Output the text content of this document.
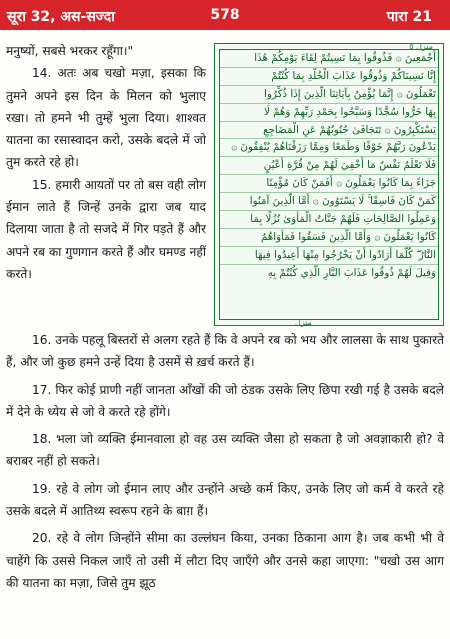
सूरा 32, अस-सज्दा	578	पारा 21

मनुष्यों, सबसे भरकर रहूँगा।"

14. अतः अब चखो मज़ा, इसका कि तुमने अपने इस दिन के मिलन को भुलाए रखा। तो हमने भी तुम्हें भुला दिया। शाश्वत यातना का रसास्वादन करो, उसके बदले में जो तुम करते रहे हो।

15. हमारी आयतों पर तो बस वही लोग ईमान लाते हैं जिन्हें उनके द्वारा जब याद दिलाया जाता है तो सजदे में गिर पड़ते हैं और अपने रब का गुणगान करते हैं और घमण्ड नहीं करते।

منزل ٥
أَجْمَعِينَ ۞ فَذُوقُوا بِمَا نَسِيتُمْ لِقَاءَ يَوْمِكُمْ هَٰذَا
إِنَّا نَسِينَاكُمْ وَذُوقُوا عَذَابَ الْخُلْدِ بِمَا كُنْتُمْ
تَعْمَلُونَ ۞ إِنَّمَا يُؤْمِنُ بِآيَاتِنَا الَّذِينَ إِذَا ذُكِّرُوا
بِهَا خَرُّوا سُجَّدًا وَسَبَّحُوا بِحَمْدِ رَبِّهِمْ وَهُمْ لَا
يَسْتَكْبِرُونَ ۞ تَتَجَافَىٰ جُنُوبُهُمْ عَنِ الْمَضَاجِعِ
يَدْعُونَ رَبَّهُمْ خَوْفًا وَطَمَعًا وَمِمَّا رَزَقْنَاهُمْ يُنْفِقُونَ ۞
فَلَا تَعْلَمُ نَفْسٌ مَا أُخْفِيَ لَهُمْ مِنْ قُرَّةِ أَعْيُنٍ
جَزَاءً بِمَا كَانُوا يَعْمَلُونَ ۞ أَفَمَنْ كَانَ مُؤْمِنًا
كَمَنْ كَانَ فَاسِقًا ۚ لَا يَسْتَوُونَ ۞ أَمَّا الَّذِينَ آمَنُوا
وَعَمِلُوا الصَّالِحَاتِ فَلَهُمْ جَنَّاتُ الْمَأْوَىٰ نُزُلًا بِمَا
كَانُوا يَعْمَلُونَ ۞ وَأَمَّا الَّذِينَ فَسَقُوا فَمَأْوَاهُمُ
النَّارُ ۖ كُلَّمَا أَرَادُوا أَنْ يَخْرُجُوا مِنْهَا أُعِيدُوا فِيهَا
وَقِيلَ لَهُمْ ذُوقُوا عَذَابَ النَّارِ الَّذِي كُنْتُمْ بِهِ
منزل

16. उनके पहलू बिस्तरों से अलग रहते हैं कि वे अपने रब को भय और लालसा के साथ पुकारते हैं, और जो कुछ हमने उन्हें दिया है उसमें से ख़र्च करते हैं।

17. फिर कोई प्राणी नहीं जानता आँखों की जो ठंडक उसके लिए छिपा रखी गई है उसके बदले में देने के ध्येय से जो वे करते रहे होंगे।

18. भला जो व्यक्ति ईमानवाला हो वह उस व्यक्ति जैसा हो सकता है जो अवज्ञाकारी हो? वे बराबर नहीं हो सकते।

19. रहे वे लोग जो ईमान लाए और उन्होंने अच्छे कर्म किए, उनके लिए जो कर्म वे करते रहे उसके बदले में आतिथ्य स्वरूप रहने के बाग़ हैं।

20. रहे वे लोग जिन्होंने सीमा का उल्लंघन किया, उनका ठिकाना आग है। जब कभी भी वे चाहेंगे कि उससे निकल जाएँ तो उसी में लौटा दिए जाएँगे और उनसे कहा जाएगा: "चखो उस आग की यातना का मज़ा, जिसे तुम झूठ
